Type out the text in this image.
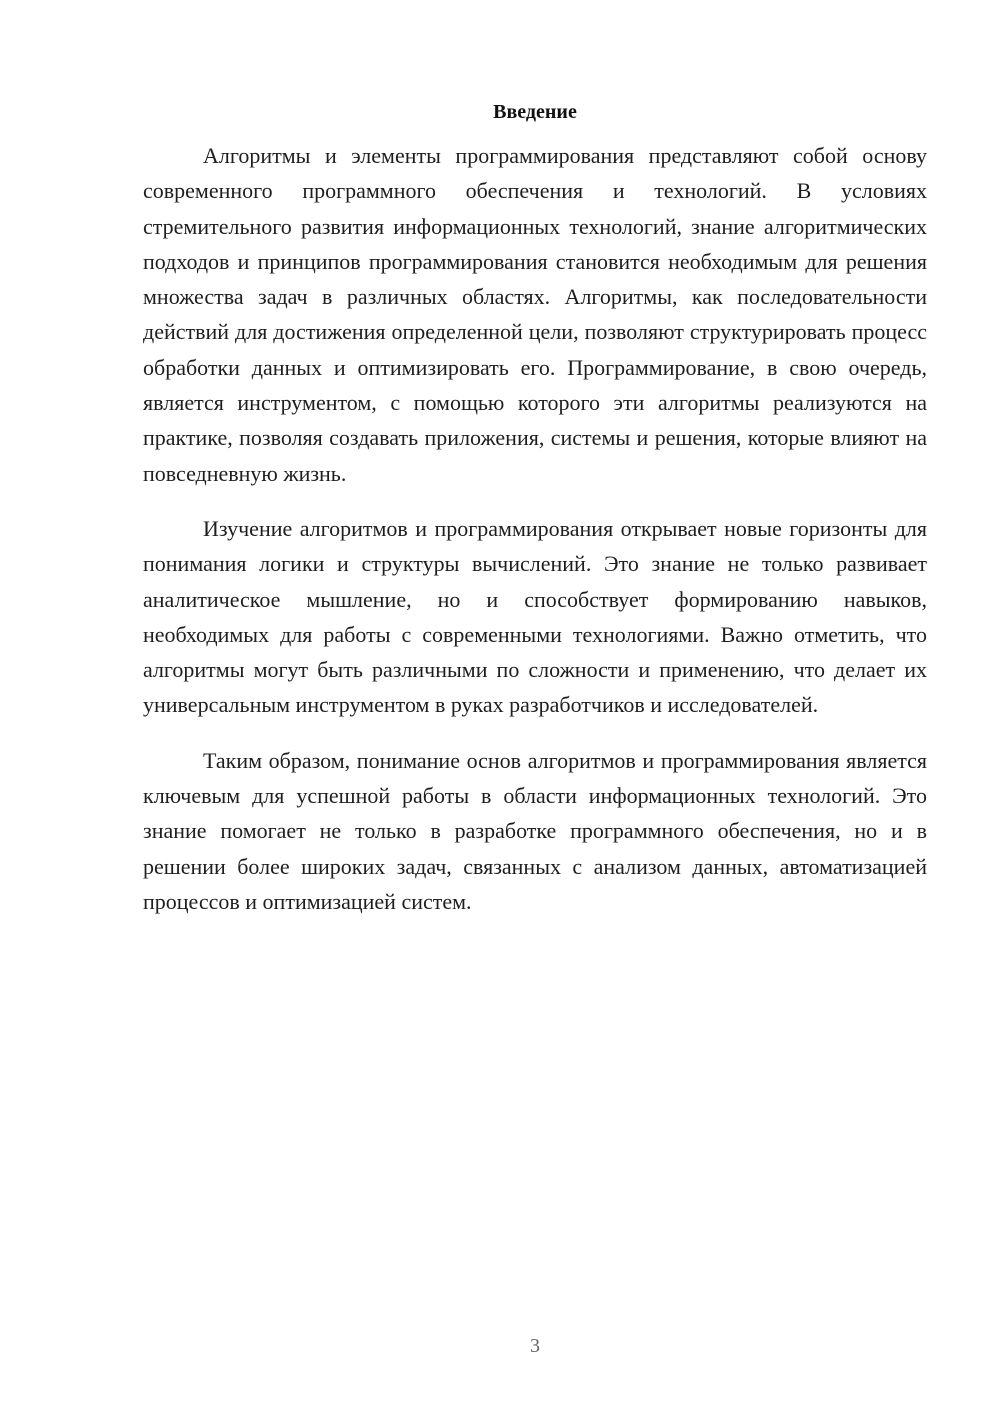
Введение

Алгоритмы и элементы программирования представляют собой основу современного программного обеспечения и технологий. В условиях стремительного развития информационных технологий, знание алгоритмических подходов и принципов программирования становится необходимым для решения множества задач в различных областях. Алгоритмы, как последовательности действий для достижения определенной цели, позволяют структурировать процесс обработки данных и оптимизировать его. Программирование, в свою очередь, является инструментом, с помощью которого эти алгоритмы реализуются на практике, позволяя создавать приложения, системы и решения, которые влияют на повседневную жизнь.

Изучение алгоритмов и программирования открывает новые горизонты для понимания логики и структуры вычислений. Это знание не только развивает аналитическое мышление, но и способствует формированию навыков, необходимых для работы с современными технологиями. Важно отметить, что алгоритмы могут быть различными по сложности и применению, что делает их универсальным инструментом в руках разработчиков и исследователей.

Таким образом, понимание основ алгоритмов и программирования является ключевым для успешной работы в области информационных технологий. Это знание помогает не только в разработке программного обеспечения, но и в решении более широких задач, связанных с анализом данных, автоматизацией процессов и оптимизацией систем.

3
